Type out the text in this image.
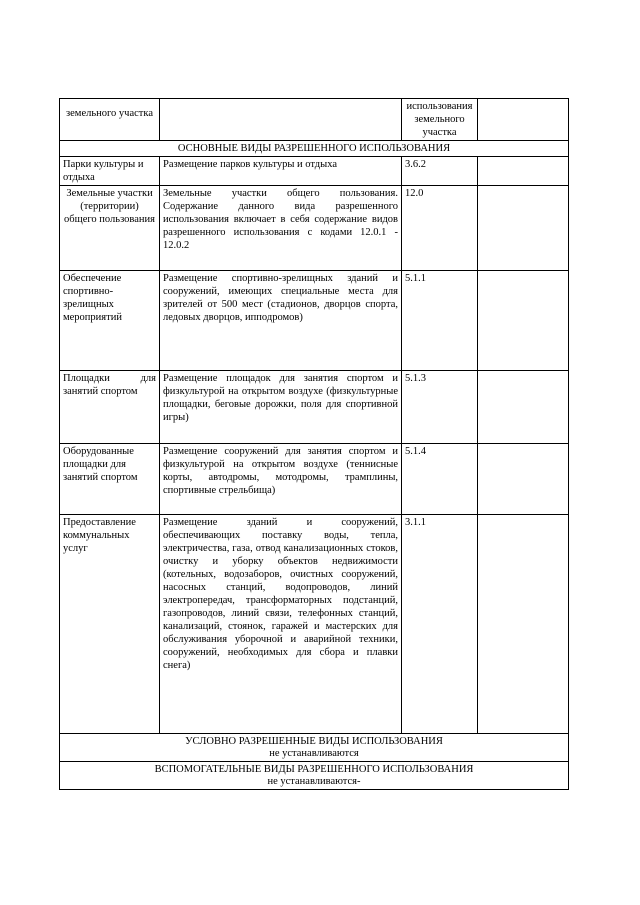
земельного участка		использования земельного участка	
ОСНОВНЫЕ ВИДЫ РАЗРЕШЕННОГО ИСПОЛЬЗОВАНИЯ			
Парки культуры и отдыха	Размещение парков культуры и отдыха	3.6.2	
Земельные участки (территории) общего пользования	Земельные участки общего пользования. Содержание данного вида разрешенного использования включает в себя содержание видов разрешенного использования с кодами 12.0.1 - 12.0.2	12.0	
Обеспечение спортивно-зрелищных мероприятий	Размещение спортивно-зрелищных зданий и сооружений, имеющих специальные места для зрителей от 500 мест (стадионов, дворцов спорта, ледовых дворцов, ипподромов)	5.1.1	
Площадки для занятий спортом	Размещение площадок для занятия спортом и физкультурой на открытом воздухе (физкультурные площадки, беговые дорожки, поля для спортивной игры)	5.1.3	
Оборудованные площадки для занятий спортом	Размещение сооружений для занятия спортом и физкультурой на открытом воздухе (теннисные корты, автодромы, мотодромы, трамплины, спортивные стрельбища)	5.1.4	
Предоставление коммунальных услуг	Размещение зданий и сооружений, обеспечивающих поставку воды, тепла, электричества, газа, отвод канализационных стоков, очистку и уборку объектов недвижимости (котельных, водозаборов, очистных сооружений, насосных станций, водопроводов, линий электропередач, трансформаторных подстанций, газопроводов, линий связи, телефонных станций, канализаций, стоянок, гаражей и мастерских для обслуживания уборочной и аварийной техники, сооружений, необходимых для сбора и плавки снега)	3.1.1	
УСЛОВНО РАЗРЕШЕННЫЕ ВИДЫ ИСПОЛЬЗОВАНИЯ
не устанавливаются			

ВСПОМОГАТЕЛЬНЫЕ ВИДЫ РАЗРЕШЕННОГО ИСПОЛЬЗОВАНИЯ
не устанавливаются-			
